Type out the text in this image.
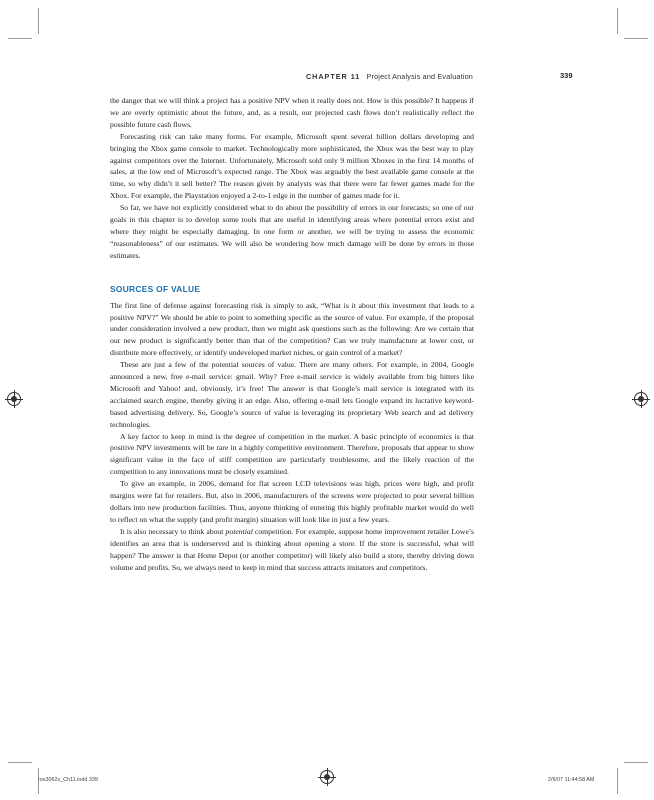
CHAPTER 11 Project Analysis and Evaluation	339

the danger that we will think a project has a positive NPV when it really does not. How is this possible? It happens if we are overly optimistic about the future, and, as a result, our projected cash flows don’t realistically reflect the possible future cash flows.

Forecasting risk can take many forms. For example, Microsoft spent several billion dollars developing and bringing the Xbox game console to market. Technologically more sophisticated, the Xbox was the best way to play against competitors over the Internet. Unfortunately, Microsoft sold only 9 million Xboxes in the first 14 months of sales, at the low end of Microsoft’s expected range. The Xbox was arguably the best available game console at the time, so why didn’t it sell better? The reason given by analysts was that there were far fewer games made for the Xbox. For example, the Playstation enjoyed a 2-to-1 edge in the number of games made for it.

So far, we have not explicitly considered what to do about the possibility of errors in our forecasts; so one of our goals in this chapter is to develop some tools that are useful in identifying areas where potential errors exist and where they might be especially damaging. In one form or another, we will be trying to assess the economic “reasonableness” of our estimates. We will also be wondering how much damage will be done by errors in those estimates.

SOURCES OF VALUE

The first line of defense against forecasting risk is simply to ask, “What is it about this investment that leads to a positive NPV?” We should be able to point to something specific as the source of value. For example, if the proposal under consideration involved a new product, then we might ask questions such as the following: Are we certain that our new product is significantly better than that of the competition? Can we truly manufacture at lower cost, or distribute more effectively, or identify undeveloped market niches, or gain control of a market?

These are just a few of the potential sources of value. There are many others. For example, in 2004, Google announced a new, free e-mail service: gmail. Why? Free e-mail service is widely available from big hitters like Microsoft and Yahoo! and, obviously, it’s free! The answer is that Google’s mail service is integrated with its acclaimed search engine, thereby giving it an edge. Also, offering e-mail lets Google expand its lucrative keyword-based advertising delivery. So, Google’s source of value is leveraging its proprietary Web search and ad delivery technologies.

A key factor to keep in mind is the degree of competition in the market. A basic principle of economics is that positive NPV investments will be rare in a highly competitive environment. Therefore, proposals that appear to show significant value in the face of stiff competition are particularly troublesome, and the likely reaction of the competition to any innovations must be closely examined.

To give an example, in 2006, demand for flat screen LCD televisions was high, prices were high, and profit margins were fat for retailers. But, also in 2006, manufacturers of the screens were projected to pour several billion dollars into new production facilities. Thus, anyone thinking of entering this highly profitable market would do well to reflect on what the supply (and profit margin) situation will look like in just a few years.

It is also necessary to think about potential competition. For example, suppose home improvement retailer Lowe’s identifies an area that is underserved and is thinking about opening a store. If the store is successful, what will happen? The answer is that Home Depot (or another competitor) will likely also build a store, thereby driving down volume and profits. So, we always need to keep in mind that success attracts imitators and competitors.

ros3062x_Ch11.indd 339	2/9/07 11:44:58 AM
